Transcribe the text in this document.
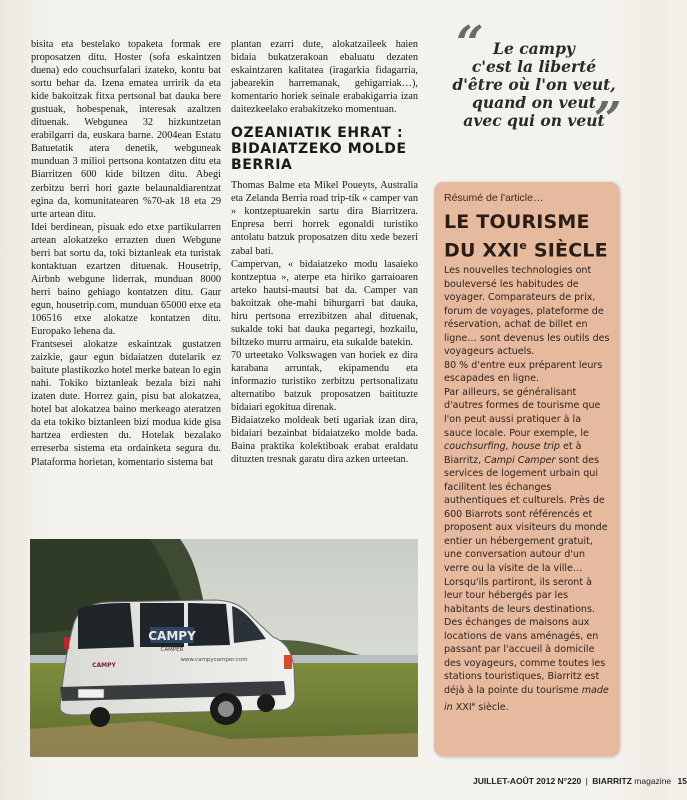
bisita eta bestelako topaketa formak ere proposatzen ditu. Hoster (sofa eskaintzen duena) edo couchsurfalari izateko, kontu bat sortu behar da. Izena ematea urririk da eta kide bakoitzak fitxa pertsonal bat dauka bere gustuak, hobespenak, interesak azaltzen dituenak. Webgunea 32 hizkuntzetan erabilgarri da, euskara barne. 2004ean Estatu Batuetatik atera denetik, webguneak munduan 3 milioi pertsona kontatzen ditu eta Biarritzen 600 kide biltzen ditu. Abegi zerbitzu berri hori gazte belaunaldiarentzat egina da, komunitatearen %70-ak 18 eta 29 urte artean ditu.

Idei berdinean, pisuak edo etxe partikularren artean alokatzeko errazten duen Webgune berri bat sortu da, toki biztanleak eta turistak kontaktuan ezartzen dituenak. Housetrip, Airbnb webgune liderrak, munduan 8000 herri baino gehiago kontatzen ditu. Gaur egun, housetrip.com, munduan 65000 etxe eta 106516 etxe alokatze kontatzen ditu. Europako lehena da.

Frantsesei alokatze eskaintzak gustatzen zaizkie, gaur egun bidaiatzen dutelarik ez baitute plastikozko hotel merke batean lo egin nahi. Tokiko biztanleak bezala bizi nahi izaten dute. Horrez gain, pisu bat alokatzea, hotel bat alokatzea baino merkeago ateratzen da eta tokiko biztanleen bizi modua kide gisa hartzea erdiesten du. Hotelak bezalako erreserba sistema eta ordainketa segura du. Plataforma horietan, komentario sistema bat

plantan ezarri dute, alokatzaileek haien bidaia bukatzerakoan ebaluatu dezaten eskaintzaren kalitatea (iragarkia fidagarria, jabearekin harremanak, gehigarriak…), komentario horiek seinale erabakigarria izan daitezkeelako erabakitzeko momentuan.

OZEANIATIK EHRAT : BIDAIATZEKO MOLDE BERRIA

Thomas Balme eta Mikel Poueyts, Australia eta Zelanda Berria road trip-tik « camper van » kontzeptuarekin sartu dira Biarritzera. Enpresa berri horrek egonaldi turistiko antolatu batzuk proposatzen ditu xede bezeri zabal bati.

Campervan, « bidaiatzeko modu lasaieko kontzeptua », aterpe eta hiriko garraioaren arteko hautsi-mautsi bat da. Camper van bakoitzak ohe-mahi bihurgarri bat dauka, hiru pertsona errezibitzen ahal dituenak, sukalde toki bat dauka pegartegi, hozkailu, biltzeko murru armairu, eta sukalde batekin.

70 urteetako Volkswagen van horiek ez dira karabana arruntak, ekipamendu eta informazio turistiko zerbitzu pertsonalizatu alternatibo batzuk proposatzen baitituzte bidaiari egokitua direnak.

Bidaiatzeko moldeak beti ugariak izan dira, bidaiari bezainbat bidaiatzeko molde bada. Baina praktika kolektiboak erabat eraldatu dituzten tresnak garatu dira azken urteetan.

CAMPY
CAMPER
www.campycamper.com
CAMPY
“ Le campy
c'est la liberté
d'être où l'on veut,
quand on veut
avec qui on veut
”
Résumé de l'article…
LE TOURISME
DU XXIe SIÈCLE

Les nouvelles technologies ont bouleversé les habitudes de voyager. Comparateurs de prix, forum de voyages, plateforme de réservation, achat de billet en ligne… sont devenus les outils des voyageurs actuels.

80 % d'entre eux préparent leurs escapades en ligne.

Par ailleurs, se généralisant d'autres formes de tourisme que l'on peut aussi pratiquer à la sauce locale. Pour exemple, le couchsurfing, house trip et à Biarritz, Campi Camper sont des services de logement urbain qui facilitent les échanges authentiques et culturels. Près de 600 Biarrots sont référencés et proposent aux visiteurs du monde entier un hébergement gratuit, une conversation autour d'un verre ou la visite de la ville…

Lorsqu'ils partiront, ils seront à leur tour hébergés par les habitants de leurs destinations.

Des échanges de maisons aux locations de vans aménagés, en passant par l'accueil à domicile des voyageurs, comme toutes les stations touristiques, Biarritz est déjà à la pointe du tourisme made in XXIe siècle.

JUILLET-AOÛT 2012 N°220 | BIARRITZ magazine 15
